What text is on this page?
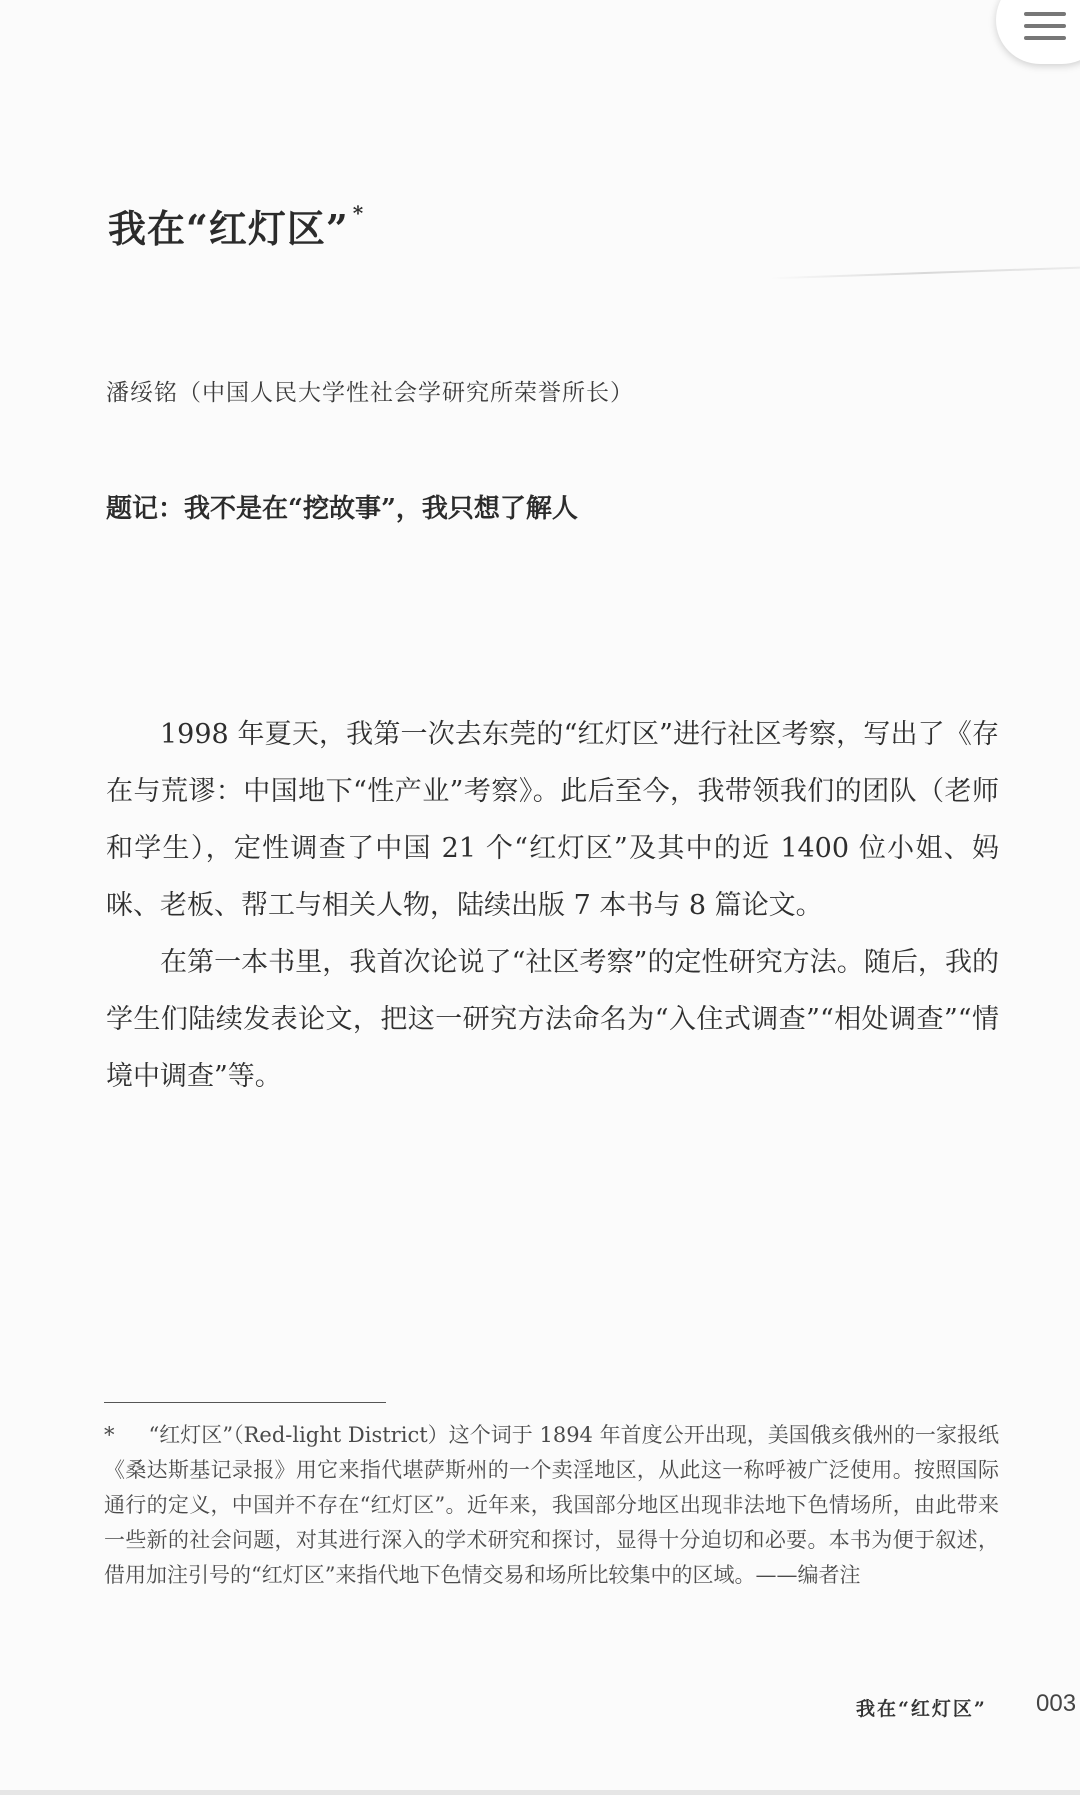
我在“红灯区” *
潘绥铭（中国人民大学性社会学研究所荣誉所长）
题记：我不是在“挖故事”，我只想了解人

1998 年夏天，我第一次去东莞的“红灯区”进行社区考察，写出了《存在与荒谬：中国地下“性产业”考察》。此后至今，我带领我们的团队（老师和学生），定性调查了中国 21 个“红灯区”及其中的近 1400 位小姐、妈咪、老板、帮工与相关人物，陆续出版 7 本书与 8 篇论文。

在第一本书里，我首次论说了“社区考察”的定性研究方法。随后，我的学生们陆续发表论文，把这一研究方法命名为“入住式调查”“相处调查”“情境中调查”等。

* “红灯区”（Red-light District）这个词于 1894 年首度公开出现，美国俄亥俄州的一家报纸《桑达斯基记录报》用它来指代堪萨斯州的一个卖淫地区，从此这一称呼被广泛使用。按照国际通行的定义，中国并不存在“红灯区”。近年来，我国部分地区出现非法地下色情场所，由此带来一些新的社会问题，对其进行深入的学术研究和探讨，显得十分迫切和必要。本书为便于叙述，借用加注引号的“红灯区”来指代地下色情交易和场所比较集中的区域。——编者注
我在“红灯区” 003
